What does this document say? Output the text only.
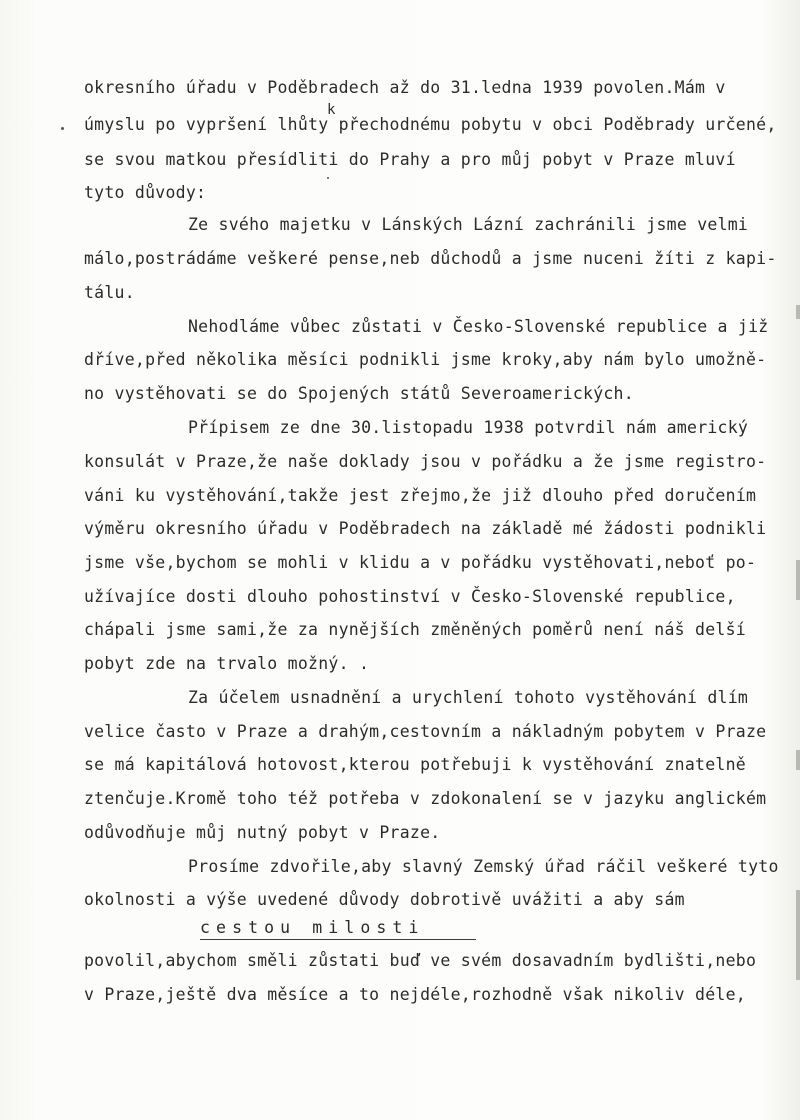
okresního úřadu v Poděbradech až do 31.ledna 1939 povolen.Mám v
k
úmyslu po vypršení lhůty přechodnému pobytu v obci Poděbrady určené,
se svou matkou přesídliti do Prahy a pro můj pobyt v Praze mluví
tyto důvody:
Ze svého majetku v Lánských Lázní zachránili jsme velmi
málo,postrádáme veškeré pense,neb důchodů a jsme nuceni žíti z kapi-
tálu.
Nehodláme vůbec zůstati v Česko-Slovenské republice a již
dříve,před několika měsíci podnikli jsme kroky,aby nám bylo umožně-
no vystěhovati se do Spojených států Severoamerických.
Přípisem ze dne 30.listopadu 1938 potvrdil nám americký
konsulát v Praze,že naše doklady jsou v pořádku a že jsme registro-
váni ku vystěhování,takže jest zřejmo,že již dlouho před doručením
výměru okresního úřadu v Poděbradech na základě mé žádosti podnikli
jsme vše,bychom se mohli v klidu a v pořádku vystěhovati,neboť po-
užívajíce dosti dlouho pohostinství v Česko-Slovenské republice,
chápali jsme sami,že za nynějších změněných poměrů není náš delší
pobyt zde na trvalo možný. .
Za účelem usnadnění a urychlení tohoto vystěhování dlím
velice často v Praze a drahým,cestovním a nákladným pobytem v Praze
se má kapitálová hotovost,kterou potřebuji k vystěhování znatelně
ztenčuje.Kromě toho též potřeba v zdokonalení se v jazyku anglickém
odůvodňuje můj nutný pobyt v Praze.
Prosíme zdvořile,aby slavný Zemský úřad ráčil veškeré tyto
okolnosti a výše uvedené důvody dobrotivě uvážiti a aby sám
cestou milosti
povolil,abychom směli zůstati buď ve svém dosavadním bydlišti,nebo
v Praze,ještě dva měsíce a to nejdéle,rozhodně však nikoliv déle,
